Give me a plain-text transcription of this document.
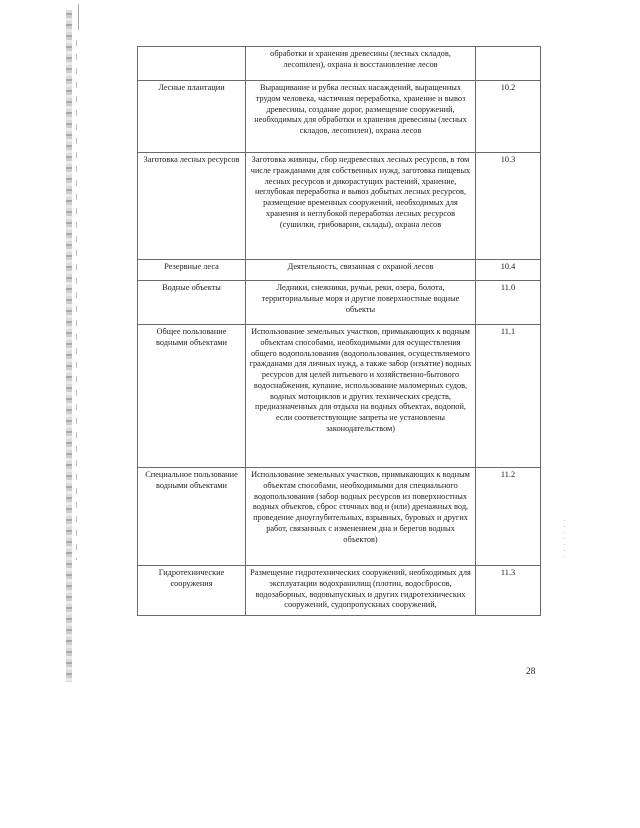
	обработки и хранения древесины (лесных складов, лесопилен), охрана и восстановление лесов	
Лесные плантации	Выращивание и рубка лесных насаждений, выращенных трудом человека, частичная переработка, хранение и вывоз древесины, создание дорог, размещение сооружений, необходимых для обработки и хранения древесины (лесных складов, лесопилен), охрана лесов	10.2
Заготовка лесных ресурсов	Заготовка живицы, сбор недревесных лесных ресурсов, в том числе гражданами для собственных нужд, заготовка пищевых лесных ресурсов и дикорастущих растений, хранение, неглубокая переработка и вывоз добытых лесных ресурсов, размещение временных сооружений, необходимых для хранения и неглубокой переработки лесных ресурсов (сушилки, грибоварни, склады), охрана лесов	10.3
Резервные леса	Деятельность, связанная с охраной лесов	10.4
Водные объекты	Ледники, снежники, ручьи, реки, озера, болота, территориальные моря и другие поверхностные водные объекты	11.0
Общее пользование водными объектами	Использование земельных участков, примыкающих к водным объектам способами, необходимыми для осуществления общего водопользования (водопользования, осуществляемого гражданами для личных нужд, а также забор (изъятие) водных ресурсов для целей питьевого и хозяйственно-бытового водоснабжения, купание, использование маломерных судов, водных мотоциклов и других технических средств, предназначенных для отдыха на водных объектах, водопой, если соответствующие запреты не установлены законодательством)	11.1
Специальное пользование водными объектами	Использование земельных участков, примыкающих к водным объектам способами, необходимыми для специального водопользования (забор водных ресурсов из поверхностных водных объектов, сброс сточных вод и (или) дренажных вод, проведение дноуглубительных, взрывных, буровых и других работ, связанных с изменением дна и берегов водных объектов)	11.2
Гидротехнические сооружения	Размещение гидротехнических сооружений, необходимых для эксплуатации водохранилищ (плотин, водосбросов, водозаборных, водовыпускных и других гидротехнических сооружений, судопропускных сооружений,	11.3
28
